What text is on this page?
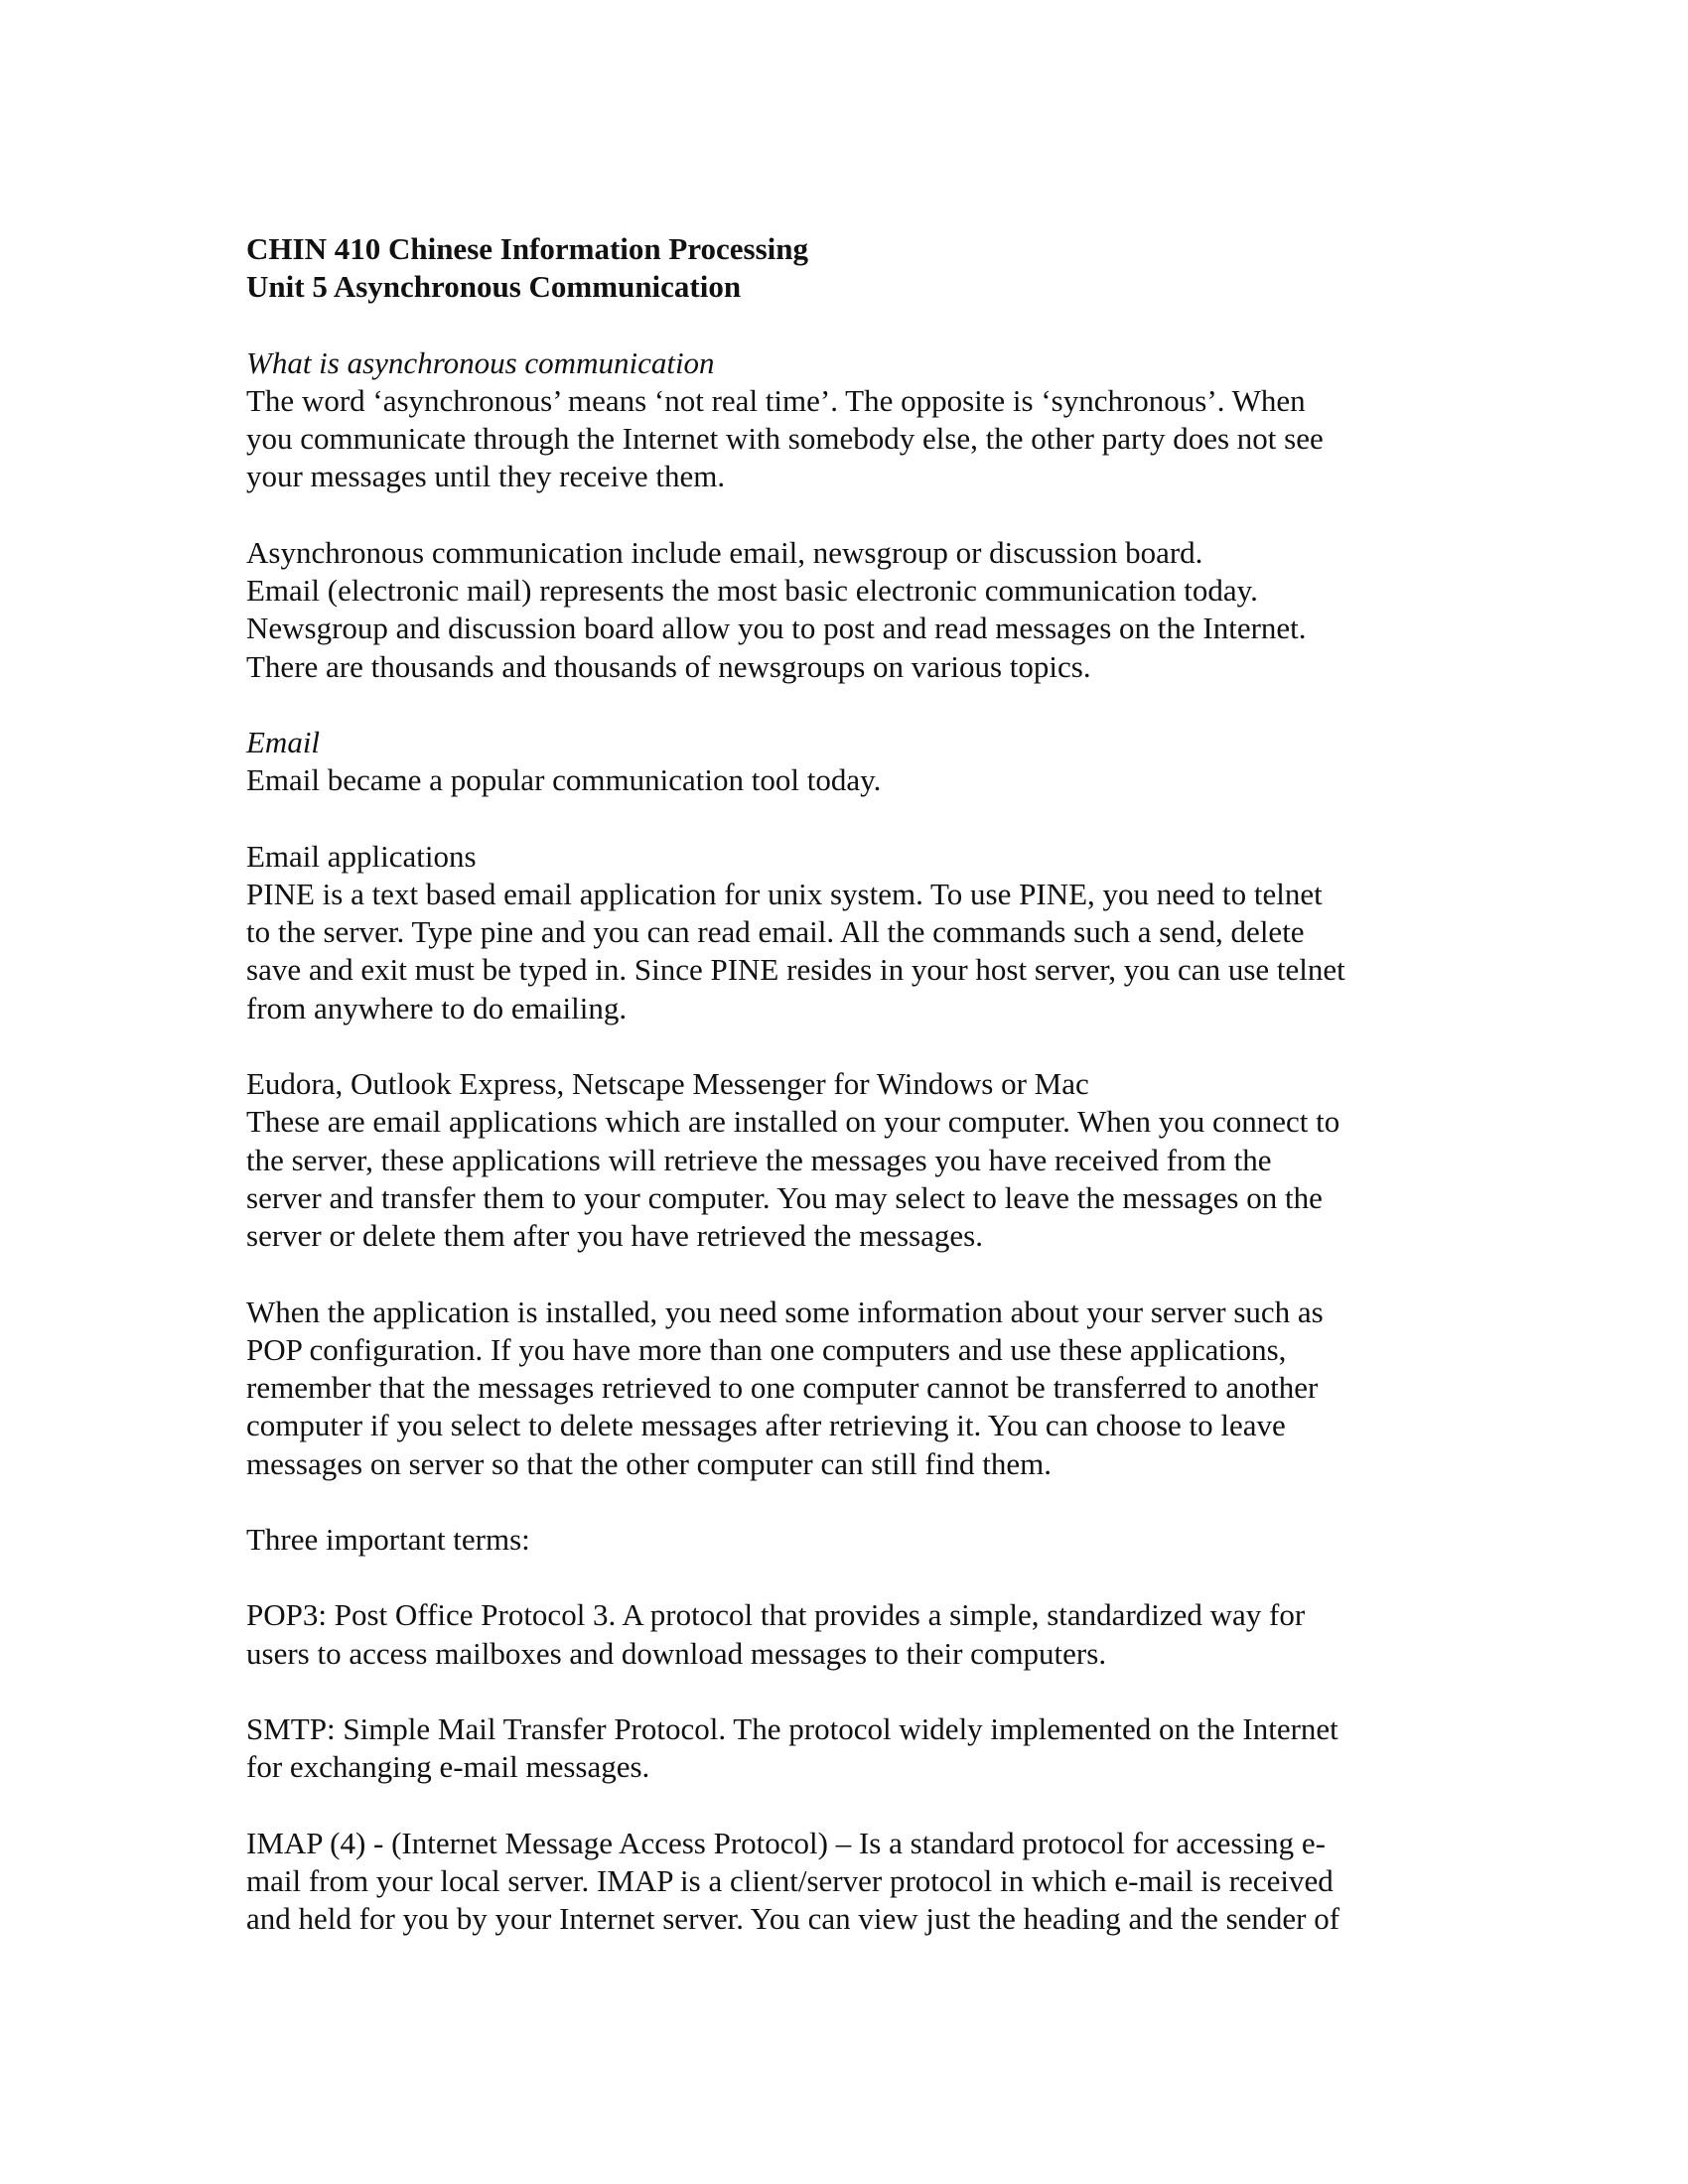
CHIN 410 Chinese Information Processing
Unit 5 Asynchronous Communication
What is asynchronous communication
The word ‘asynchronous’ means ‘not real time’. The opposite is ‘synchronous’. When
you communicate through the Internet with somebody else, the other party does not see
your messages until they receive them.
Asynchronous communication include email, newsgroup or discussion board.
Email (electronic mail) represents the most basic electronic communication today.
Newsgroup and discussion board allow you to post and read messages on the Internet.
There are thousands and thousands of newsgroups on various topics.
Email
Email became a popular communication tool today.
Email applications
PINE is a text based email application for unix system. To use PINE, you need to telnet
to the server. Type pine and you can read email. All the commands such a send, delete
save and exit must be typed in. Since PINE resides in your host server, you can use telnet
from anywhere to do emailing.
Eudora, Outlook Express, Netscape Messenger for Windows or Mac
These are email applications which are installed on your computer. When you connect to
the server, these applications will retrieve the messages you have received from the
server and transfer them to your computer. You may select to leave the messages on the
server or delete them after you have retrieved the messages.
When the application is installed, you need some information about your server such as
POP configuration. If you have more than one computers and use these applications,
remember that the messages retrieved to one computer cannot be transferred to another
computer if you select to delete messages after retrieving it. You can choose to leave
messages on server so that the other computer can still find them.
Three important terms:
POP3: Post Office Protocol 3. A protocol that provides a simple, standardized way for
users to access mailboxes and download messages to their computers.
SMTP: Simple Mail Transfer Protocol. The protocol widely implemented on the Internet
for exchanging e-mail messages.
IMAP (4) - (Internet Message Access Protocol) – Is a standard protocol for accessing e-
mail from your local server. IMAP is a client/server protocol in which e-mail is received
and held for you by your Internet server. You can view just the heading and the sender of
